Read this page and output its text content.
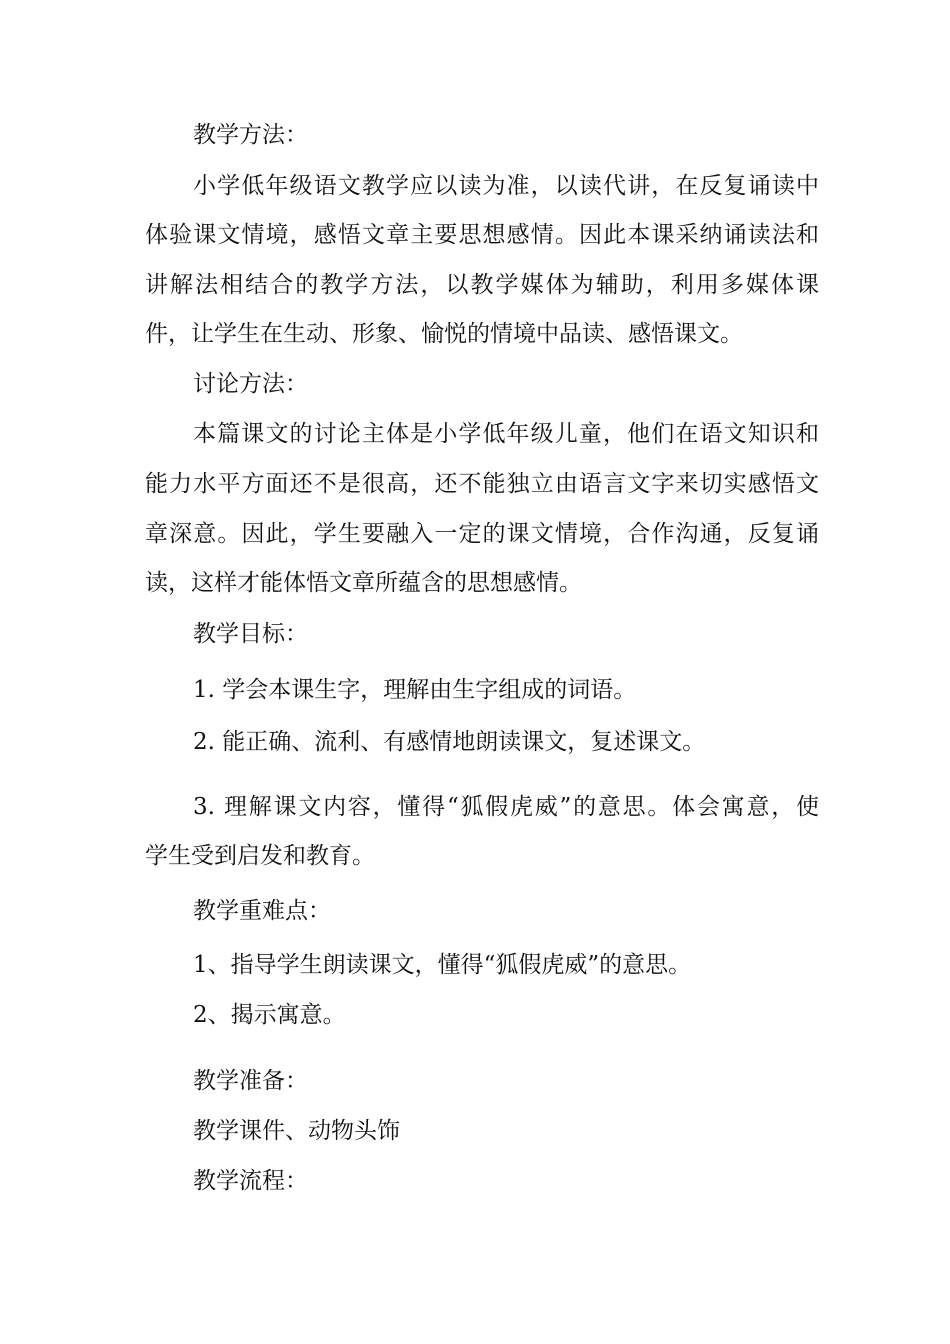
教学方法：

小学低年级语文教学应以读为准，以读代讲，在反复诵读中

体验课文情境，感悟文章主要思想感情。因此本课采纳诵读法和

讲解法相结合的教学方法，以教学媒体为辅助，利用多媒体课

件，让学生在生动、形象、愉悦的情境中品读、感悟课文。

讨论方法：

本篇课文的讨论主体是小学低年级儿童，他们在语文知识和

能力水平方面还不是很高，还不能独立由语言文字来切实感悟文

章深意。因此，学生要融入一定的课文情境，合作沟通，反复诵

读，这样才能体悟文章所蕴含的思想感情。

教学目标：

1. 学会本课生字，理解由生字组成的词语。

2. 能正确、流利、有感情地朗读课文，复述课文。

3. 理解课文内容，懂得“狐假虎威”的意思。体会寓意，使

学生受到启发和教育。

教学重难点：

1、指导学生朗读课文，懂得“狐假虎威”的意思。

2、揭示寓意。

教学准备：

教学课件、动物头饰

教学流程：
